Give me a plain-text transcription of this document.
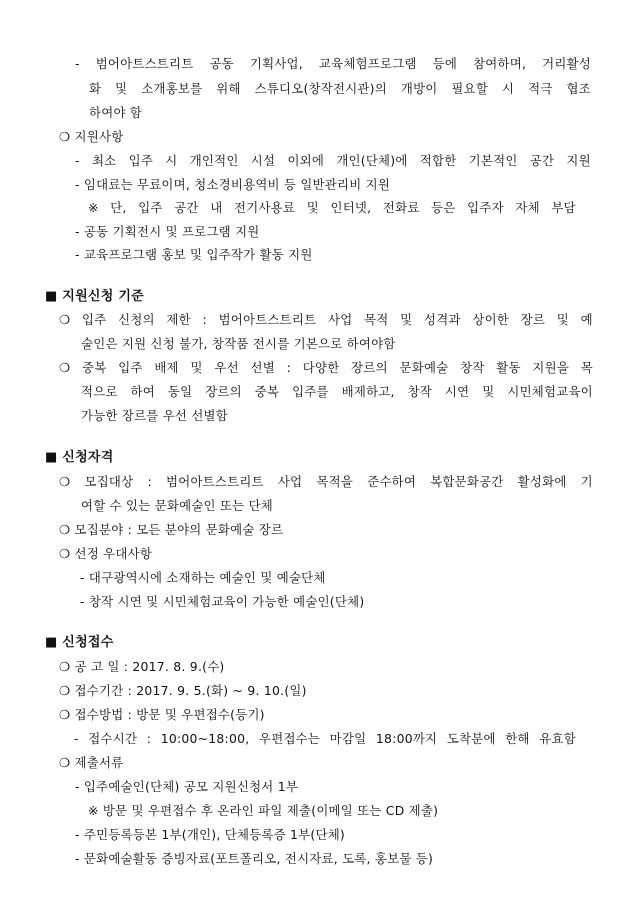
- 범어아트스트리트 공동 기획사업, 교육체험프로그램 등에 참여하며, 거리활성
화 및 소개홍보를 위해 스튜디오(창작전시관)의 개방이 필요할 시 적극 협조
하여야 함
❍ 지원사항
- 최소 입주 시 개인적인 시설 이외에 개인(단체)에 적합한 기본적인 공간 지원
- 임대료는 무료이며, 청소경비용역비 등 일반관리비 지원
※ 단, 입주 공간 내 전기사용료 및 인터넷, 전화료 등은 입주자 자체 부담
- 공동 기획전시 및 프로그램 지원
- 교육프로그램 홍보 및 입주작가 활동 지원
■ 지원신청 기준
❍ 입주 신청의 제한 : 범어아트스트리트 사업 목적 및 성격과 상이한 장르 및 예
술인은 지원 신청 불가, 창작품 전시를 기본으로 하여야함
❍ 중복 입주 배제 및 우선 선별 : 다양한 장르의 문화예술 창작 활동 지원을 목
적으로 하여 동일 장르의 중복 입주를 배제하고, 창작 시연 및 시민체험교육이
가능한 장르를 우선 선별함
■ 신청자격
❍ 모집대상 : 범어아트스트리트 사업 목적을 준수하여 복합문화공간 활성화에 기
여할 수 있는 문화예술인 또는 단체
❍ 모집분야 : 모든 분야의 문화예술 장르
❍ 선정 우대사항
- 대구광역시에 소재하는 예술인 및 예술단체
- 창작 시연 및 시민체험교육이 가능한 예술인(단체)
■ 신청접수
❍ 공 고 일 : 2017. 8. 9.(수)
❍ 접수기간 : 2017. 9. 5.(화) ~ 9. 10.(일)
❍ 접수방법 : 방문 및 우편접수(등기)
- 접수시간 : 10:00~18:00, 우편접수는 마감일 18:00까지 도착분에 한해 유효함
❍ 제출서류
- 입주예술인(단체) 공모 지원신청서 1부
※ 방문 및 우편접수 후 온라인 파일 제출(이메일 또는 CD 제출)
- 주민등록등본 1부(개인), 단체등록증 1부(단체)
- 문화예술활동 증빙자료(포트폴리오, 전시자료, 도록, 홍보물 등)
